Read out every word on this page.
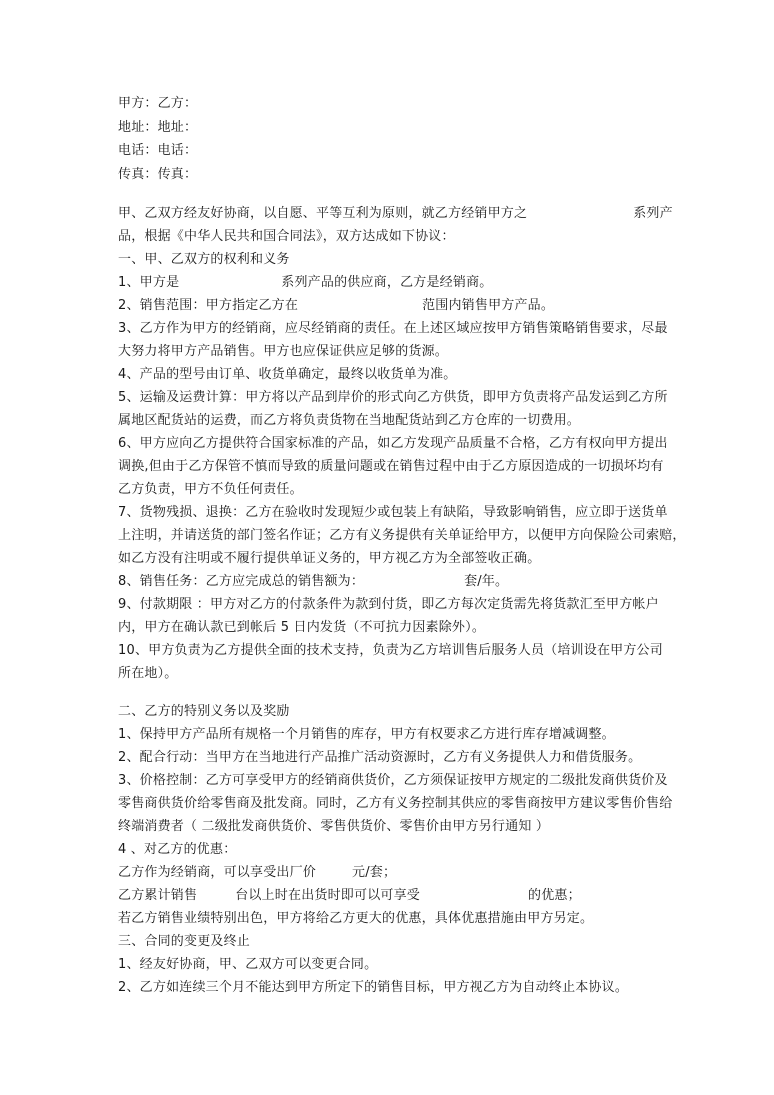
甲方：乙方：
地址：地址：
电话：电话：
传真：传真：
甲、乙双方经友好协商，以自愿、平等互利为原则，就乙方经销甲方之	系列产
品，根据《中华人民共和国合同法》，双方达成如下协议：
一、甲、乙双方的权利和义务
1、甲方是	系列产品的供应商，乙方是经销商。
2、销售范围：甲方指定乙方在	范围内销售甲方产品。
3、乙方作为甲方的经销商，应尽经销商的责任。在上述区域应按甲方销售策略销售要求，尽最
大努力将甲方产品销售。甲方也应保证供应足够的货源。
4、产品的型号由订单、收货单确定，最终以收货单为准。
5、运输及运费计算：甲方将以产品到岸价的形式向乙方供货，即甲方负责将产品发运到乙方所
属地区配货站的运费，而乙方将负责货物在当地配货站到乙方仓库的一切费用。
6、甲方应向乙方提供符合国家标准的产品，如乙方发现产品质量不合格，乙方有权向甲方提出
调换,但由于乙方保管不慎而导致的质量问题或在销售过程中由于乙方原因造成的一切损坏均有
乙方负责，甲方不负任何责任。
7、货物残损、退换：乙方在验收时发现短少或包装上有缺陷，导致影响销售，应立即于送货单
上注明，并请送货的部门签名作证；乙方有义务提供有关单证给甲方，以便甲方向保险公司索赔，
如乙方没有注明或不履行提供单证义务的，甲方视乙方为全部签收正确。
8、销售任务：乙方应完成总的销售额为：	套/年。
9、付款期限 ：甲方对乙方的付款条件为款到付货，即乙方每次定货需先将货款汇至甲方帐户
内，甲方在确认款已到帐后 5 日内发货（不可抗力因素除外）。
10、甲方负责为乙方提供全面的技术支持，负责为乙方培训售后服务人员（培训设在甲方公司
所在地）。
二、乙方的特别义务以及奖励
1、保持甲方产品所有规格一个月销售的库存，甲方有权要求乙方进行库存增减调整。
2、配合行动：当甲方在当地进行产品推广活动资源时，乙方有义务提供人力和借货服务。
3、价格控制：乙方可享受甲方的经销商供货价，乙方须保证按甲方规定的二级批发商供货价及
零售商供货价给零售商及批发商。同时，乙方有义务控制其供应的零售商按甲方建议零售价售给
终端消费者（ 二级批发商供货价、零售供货价、零售价由甲方另行通知 ）
4 、对乙方的优惠：
乙方作为经销商，可以享受出厂价	元/套；
乙方累计销售	台以上时在出货时即可以可享受	的优惠；
若乙方销售业绩特别出色，甲方将给乙方更大的优惠，具体优惠措施由甲方另定。
三、合同的变更及终止
1、经友好协商，甲、乙双方可以变更合同。
2、乙方如连续三个月不能达到甲方所定下的销售目标，甲方视乙方为自动终止本协议。
